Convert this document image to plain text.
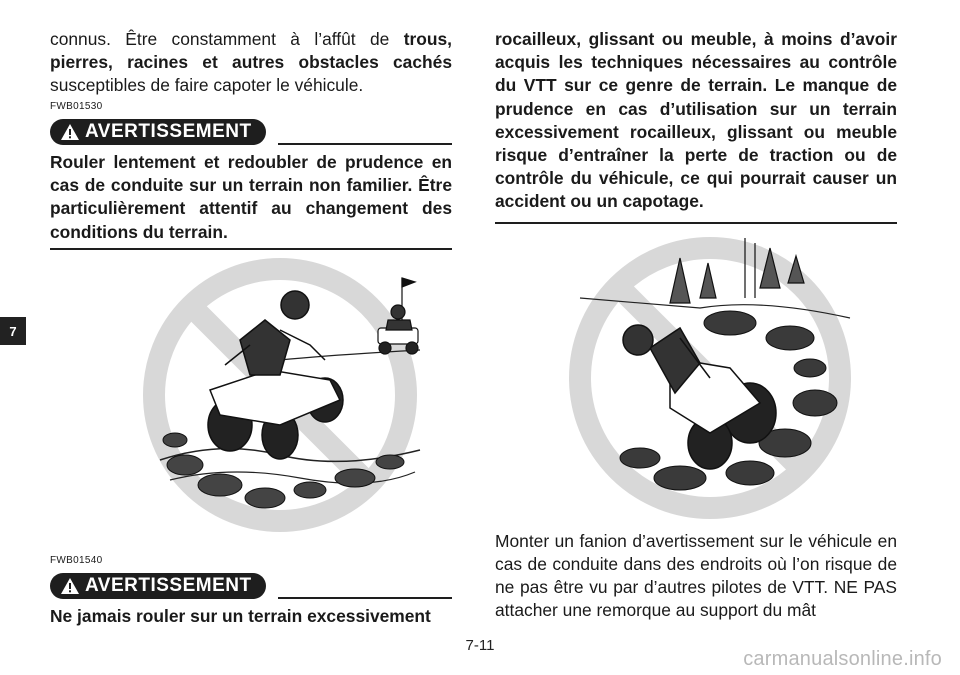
7

connus. Être constamment à l’affût de trous, pierres, racines et autres obstacles cachés susceptibles de faire capoter le véhicule.

FWB01530

AVERTISSEMENT

Rouler lentement et redoubler de prudence en cas de conduite sur un terrain non familier. Être particulièrement attentif au changement des conditions du terrain.

FWB01540

AVERTISSEMENT

Ne jamais rouler sur un terrain excessivement

rocailleux, glissant ou meuble, à moins d’avoir acquis les techniques nécessaires au contrôle du VTT sur ce genre de terrain. Le manque de prudence en cas d’utilisation sur un terrain excessivement rocailleux, glissant ou meuble risque d’entraîner la perte de traction ou de contrôle du véhicule, ce qui pourrait causer un accident ou un capotage.

Monter un fanion d’avertissement sur le véhicule en cas de conduite dans des endroits où l’on risque de ne pas être vu par d’autres pilotes de VTT. NE PAS attacher une remorque au support du mât

7-11
carmanualsonline.info
